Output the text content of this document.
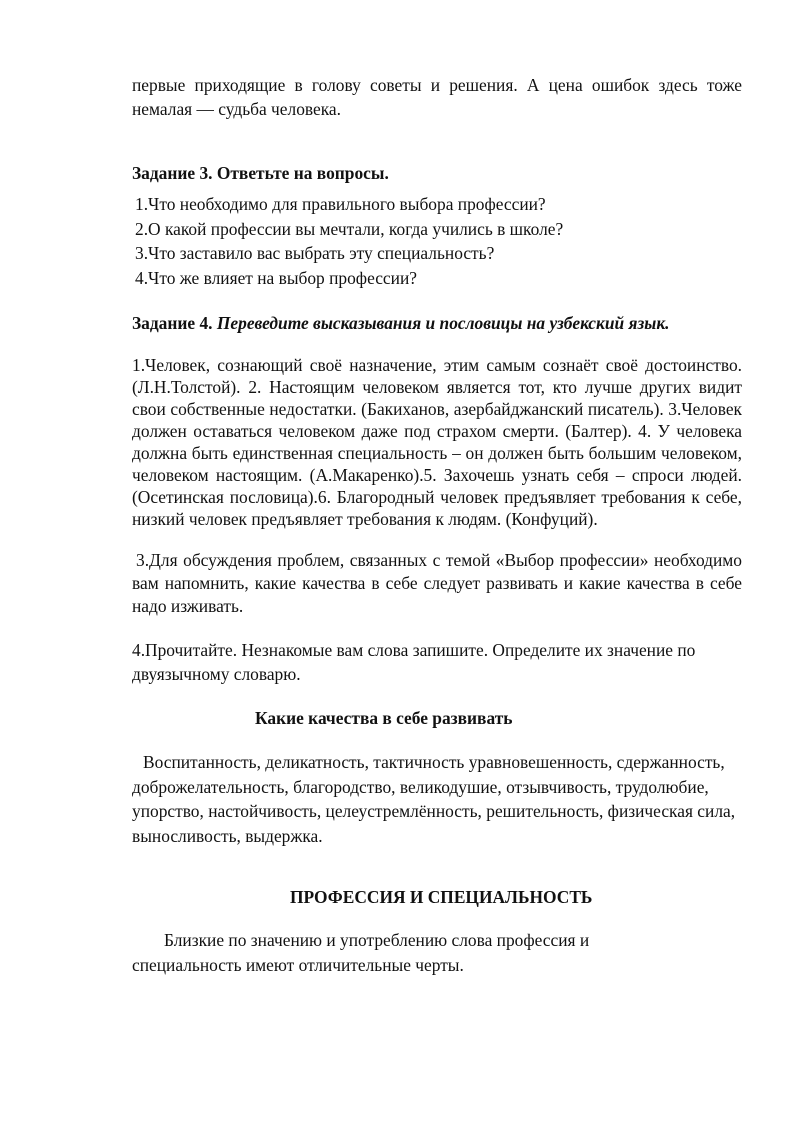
первые приходящие в голову советы и решения. А цена ошибок здесь тоже немалая — судьба человека.

Задание 3. Ответьте на вопросы.

1.Что необходимо для правильного выбора профессии?

2.О какой профессии вы мечтали, когда учились в школе?

3.Что заставило вас выбрать эту специальность?

4.Что же влияет на выбор профессии?

Задание 4. Переведите высказывания и пословицы на узбекский язык.

1.Человек, сознающий своё назначение, этим самым сознаёт своё достоинство. (Л.Н.Толстой). 2. Настоящим человеком является тот, кто лучше других видит свои собственные недостатки. (Бакиханов, азербайджанский писатель). 3.Человек должен оставаться человеком даже под страхом смерти. (Балтер). 4. У человека должна быть единственная специальность – он должен быть большим человеком, человеком настоящим. (А.Макаренко).5. Захочешь узнать себя – спроси людей. (Осетинская пословица).6. Благородный человек предъявляет требования к себе, низкий человек предъявляет требования к людям. (Конфуций).

3.Для обсуждения проблем, связанных с темой «Выбор профессии» необходимо вам напомнить, какие качества в себе следует развивать и какие качества в себе надо изживать.

4.Прочитайте. Незнакомые вам слова запишите. Определите их значение по двуязычному словарю.

Какие качества в себе развивать

Воспитанность, деликатность, тактичность уравновешенность, сдержанность, доброжелательность, благородство, великодушие, отзывчивость, трудолюбие, упорство, настойчивость, целеустремлённость, решительность, физическая сила, выносливость, выдержка.

ПРОФЕССИЯ И СПЕЦИАЛЬНОСТЬ

Близкие по значению и употреблению слова профессия и специальность имеют отличительные черты.
